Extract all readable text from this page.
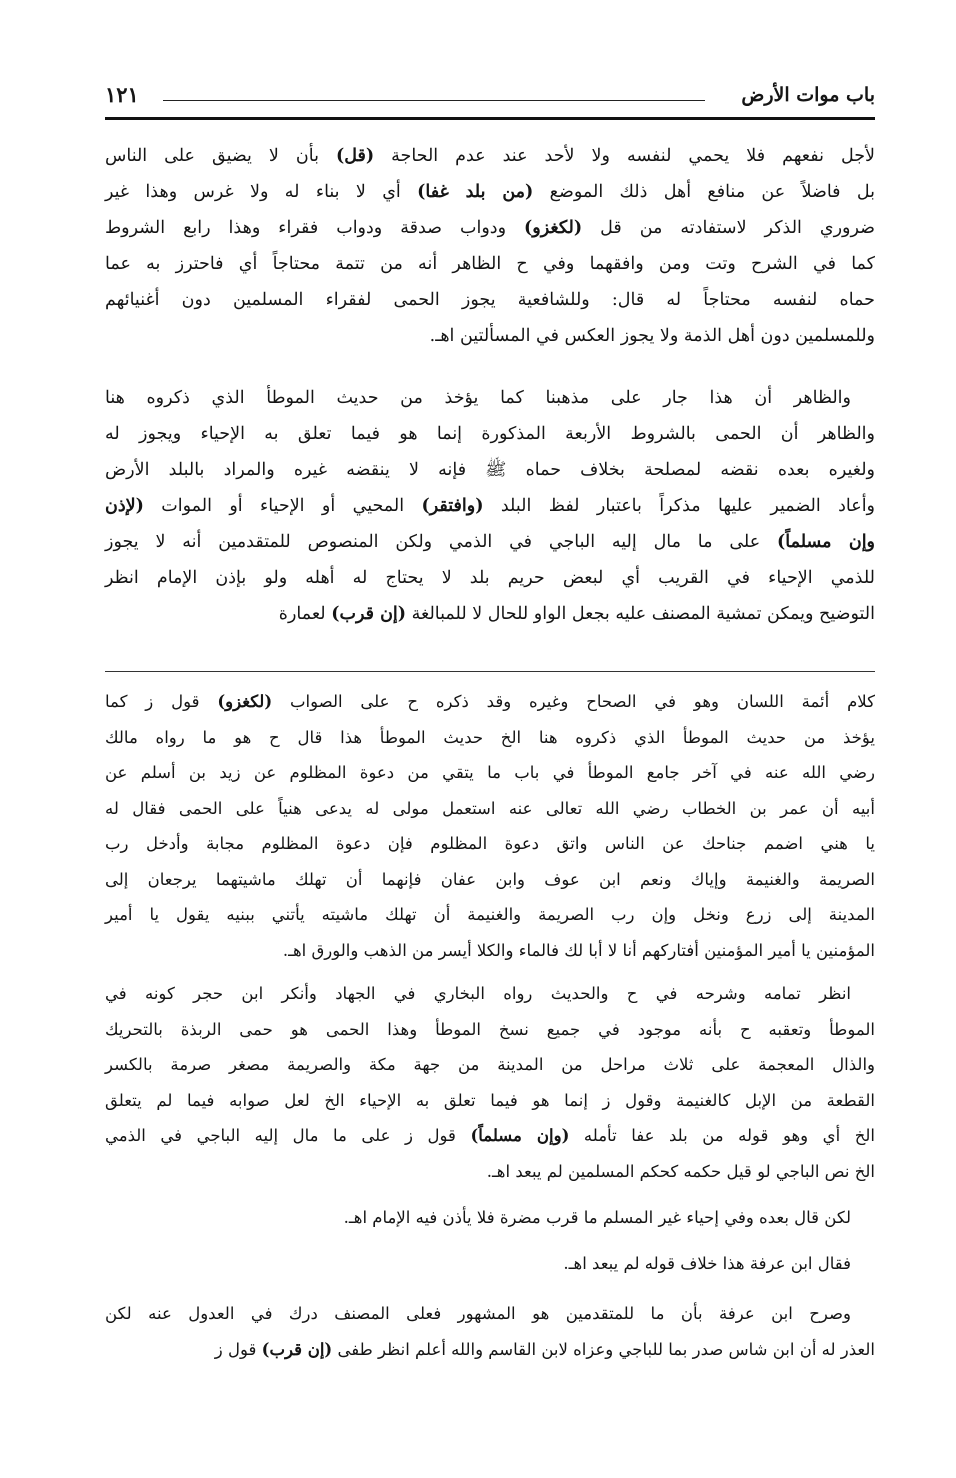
باب موات الأرض
١٢١
لأجل نفعهم فلا يحمي لنفسه ولا لأحد عند عدم الحاجة (قل) بأن لا يضيق على الناس
بل فاضلاً عن منافع أهل ذلك الموضع (من بلد غفا) أي لا بناء له ولا غرس وهذا غير
ضروري الذكر لاستفادته من قل (لكغزو) ودواب صدقة ودواب فقراء وهذا رابع الشروط
كما في الشرح وتت ومن وافقهما وفي ح الظاهر أنه من تتمة محتاجاً أي فاحترز به عما
حماه لنفسه محتاجاً له قال: وللشافعية يجوز الحمى لفقراء المسلمين دون أغنيائهم
وللمسلمين دون أهل الذمة ولا يجوز العكس في المسألتين اهـ.
والظاهر أن هذا جار على مذهبنا كما يؤخذ من حديث الموطأ الذي ذكروه هنا
والظاهر أن الحمى بالشروط الأربعة المذكورة إنما هو فيما تعلق به الإحياء ويجوز له
ولغيره بعده نقضه لمصلحة بخلاف حماه ﷺ فإنه لا ينقضه غيره والمراد بالبلد الأرض
وأعاد الضمير عليها مذكراً باعتبار لفظ البلد (وافتقر) المحيي أو الإحياء أو الموات (لإذن
وإن مسلماً) على ما مال إليه الباجي في الذمي ولكن المنصوص للمتقدمين أنه لا يجوز
للذمي الإحياء في القريب أي لبعض حريم بلد لا يحتاج له أهله ولو بإذن الإمام انظر
التوضيح ويمكن تمشية المصنف عليه بجعل الواو للحال لا للمبالغة (إن قرب) لعمارة
كلام أئمة اللسان وهو في الصحاح وغيره وقد ذكره ح على الصواب (لكغزو) قول ز كما
يؤخذ من حديث الموطأ الذي ذكروه هنا الخ حديث الموطأ هذا قال ح هو ما رواه مالك
رضي الله عنه في آخر جامع الموطأ في باب ما يتقي من دعوة المظلوم عن زيد بن أسلم عن
أبيه أن عمر بن الخطاب رضي الله تعالى عنه استعمل مولى له يدعى هنياً على الحمى فقال له
يا هني اضمم جناحك عن الناس واتق دعوة المظلوم فإن دعوة المظلوم مجابة وأدخل رب
الصريمة والغنيمة وإياك ونعم ابن عوف وابن عفان فإنهما أن تهلك ماشيتهما يرجعان إلى
المدينة إلى زرع ونخل وإن رب الصريمة والغنيمة أن تهلك ماشيته يأتني ببنيه يقول يا أمير
المؤمنين يا أمير المؤمنين أفتاركهم أنا لا أبا لك فالماء والكلا أيسر من الذهب والورق اهـ.
انظر تمامه وشرحه في ح والحديث رواه البخاري في الجهاد وأنكر ابن حجر كونه في
الموطأ وتعقبه ح بأنه موجود في جميع نسخ الموطأ وهذا الحمى هو حمى الربذة بالتحريك
والذال المعجمة على ثلاث مراحل من المدينة من جهة مكة والصريمة مصغر صرمة بالكسر
القطعة من الإبل كالغنيمة وقول ز إنما هو فيما تعلق به الإحياء الخ لعل صوابه فيما لم يتعلق
الخ أي وهو قوله من بلد عفا تأمله (وإن مسلماً) قول ز على ما مال إليه الباجي في الذمي
الخ نص الباجي لو قيل حكمه كحكم المسلمين لم يبعد اهـ.
لكن قال بعده وفي إحياء غير المسلم ما قرب مضرة فلا يأذن فيه الإمام اهـ.
فقال ابن عرفة هذا خلاف قوله لم يبعد اهـ.
وصرح ابن عرفة بأن ما للمتقدمين هو المشهور فعلى المصنف درك في العدول عنه لكن
العذر له أن ابن شاس صدر بما للباجي وعزاه لابن القاسم والله أعلم انظر طفى (إن قرب) قول ز
